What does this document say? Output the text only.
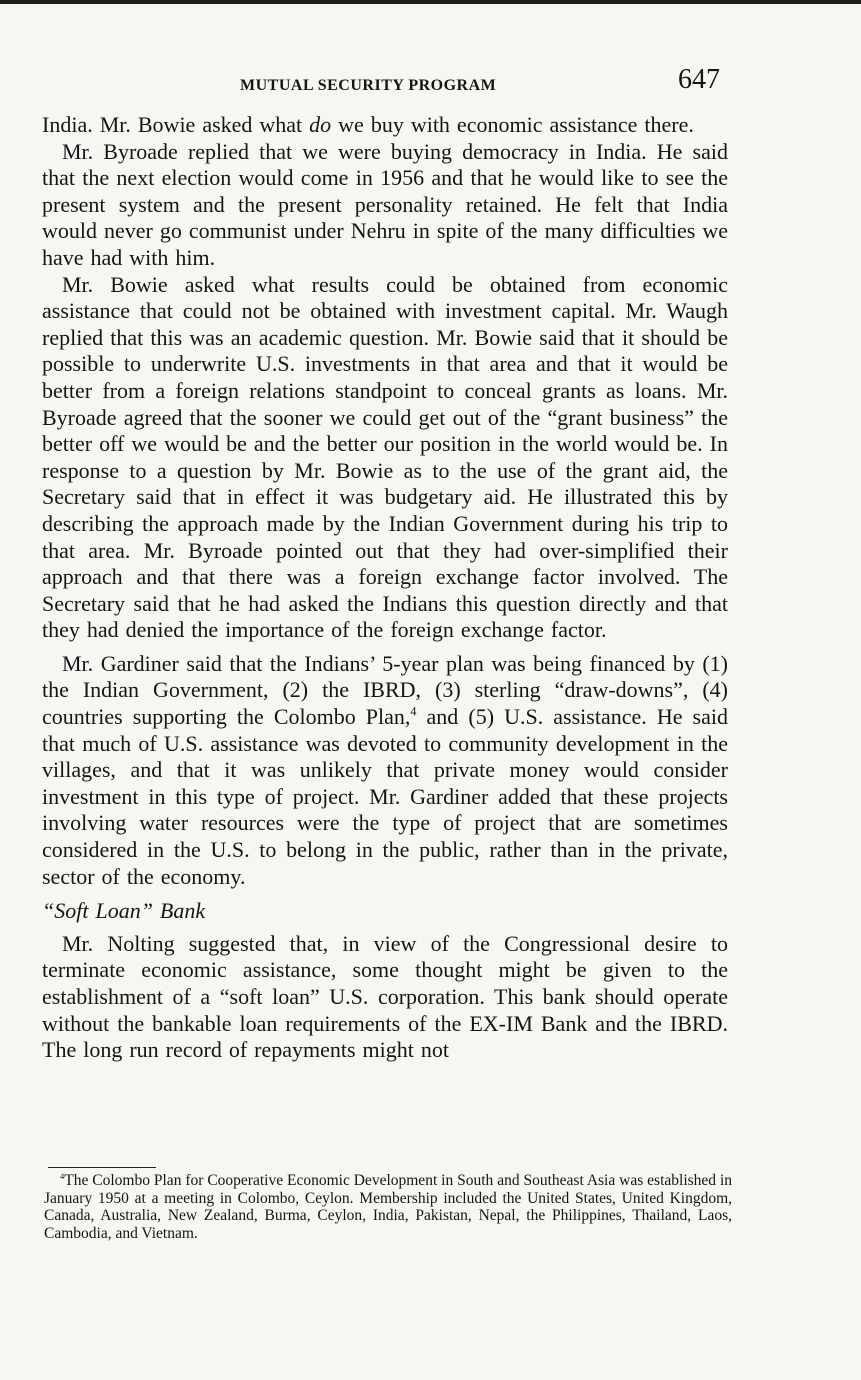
MUTUAL SECURITY PROGRAM	647

India. Mr. Bowie asked what do we buy with economic assistance there.

Mr. Byroade replied that we were buying democracy in India. He said that the next election would come in 1956 and that he would like to see the present system and the present personality retained. He felt that India would never go communist under Nehru in spite of the many difficulties we have had with him.

Mr. Bowie asked what results could be obtained from economic assistance that could not be obtained with investment capital. Mr. Waugh replied that this was an academic question. Mr. Bowie said that it should be possible to underwrite U.S. investments in that area and that it would be better from a foreign relations standpoint to conceal grants as loans. Mr. Byroade agreed that the sooner we could get out of the “grant business” the better off we would be and the better our position in the world would be. In response to a question by Mr. Bowie as to the use of the grant aid, the Secretary said that in effect it was budgetary aid. He illustrated this by describing the approach made by the Indian Government during his trip to that area. Mr. Byroade pointed out that they had over-simplified their approach and that there was a foreign exchange factor involved. The Secretary said that he had asked the Indians this question directly and that they had denied the importance of the foreign exchange factor.

Mr. Gardiner said that the Indians’ 5-year plan was being financed by (1) the Indian Government, (2) the IBRD, (3) sterling “draw-downs”, (4) countries supporting the Colombo Plan,$^4$ and (5) U.S. assistance. He said that much of U.S. assistance was devoted to community development in the villages, and that it was unlikely that private money would consider investment in this type of project. Mr. Gardiner added that these projects involving water resources were the type of project that are sometimes considered in the U.S. to belong in the public, rather than in the private, sector of the economy.

“Soft Loan” Bank

Mr. Nolting suggested that, in view of the Congressional desire to terminate economic assistance, some thought might be given to the establishment of a “soft loan” U.S. corporation. This bank should operate without the bankable loan requirements of the EX-IM Bank and the IBRD. The long run record of repayments might not

$^4$The Colombo Plan for Cooperative Economic Development in South and Southeast Asia was established in January 1950 at a meeting in Colombo, Ceylon. Membership included the United States, United Kingdom, Canada, Australia, New Zealand, Burma, Ceylon, India, Pakistan, Nepal, the Philippines, Thailand, Laos, Cambodia, and Vietnam.
